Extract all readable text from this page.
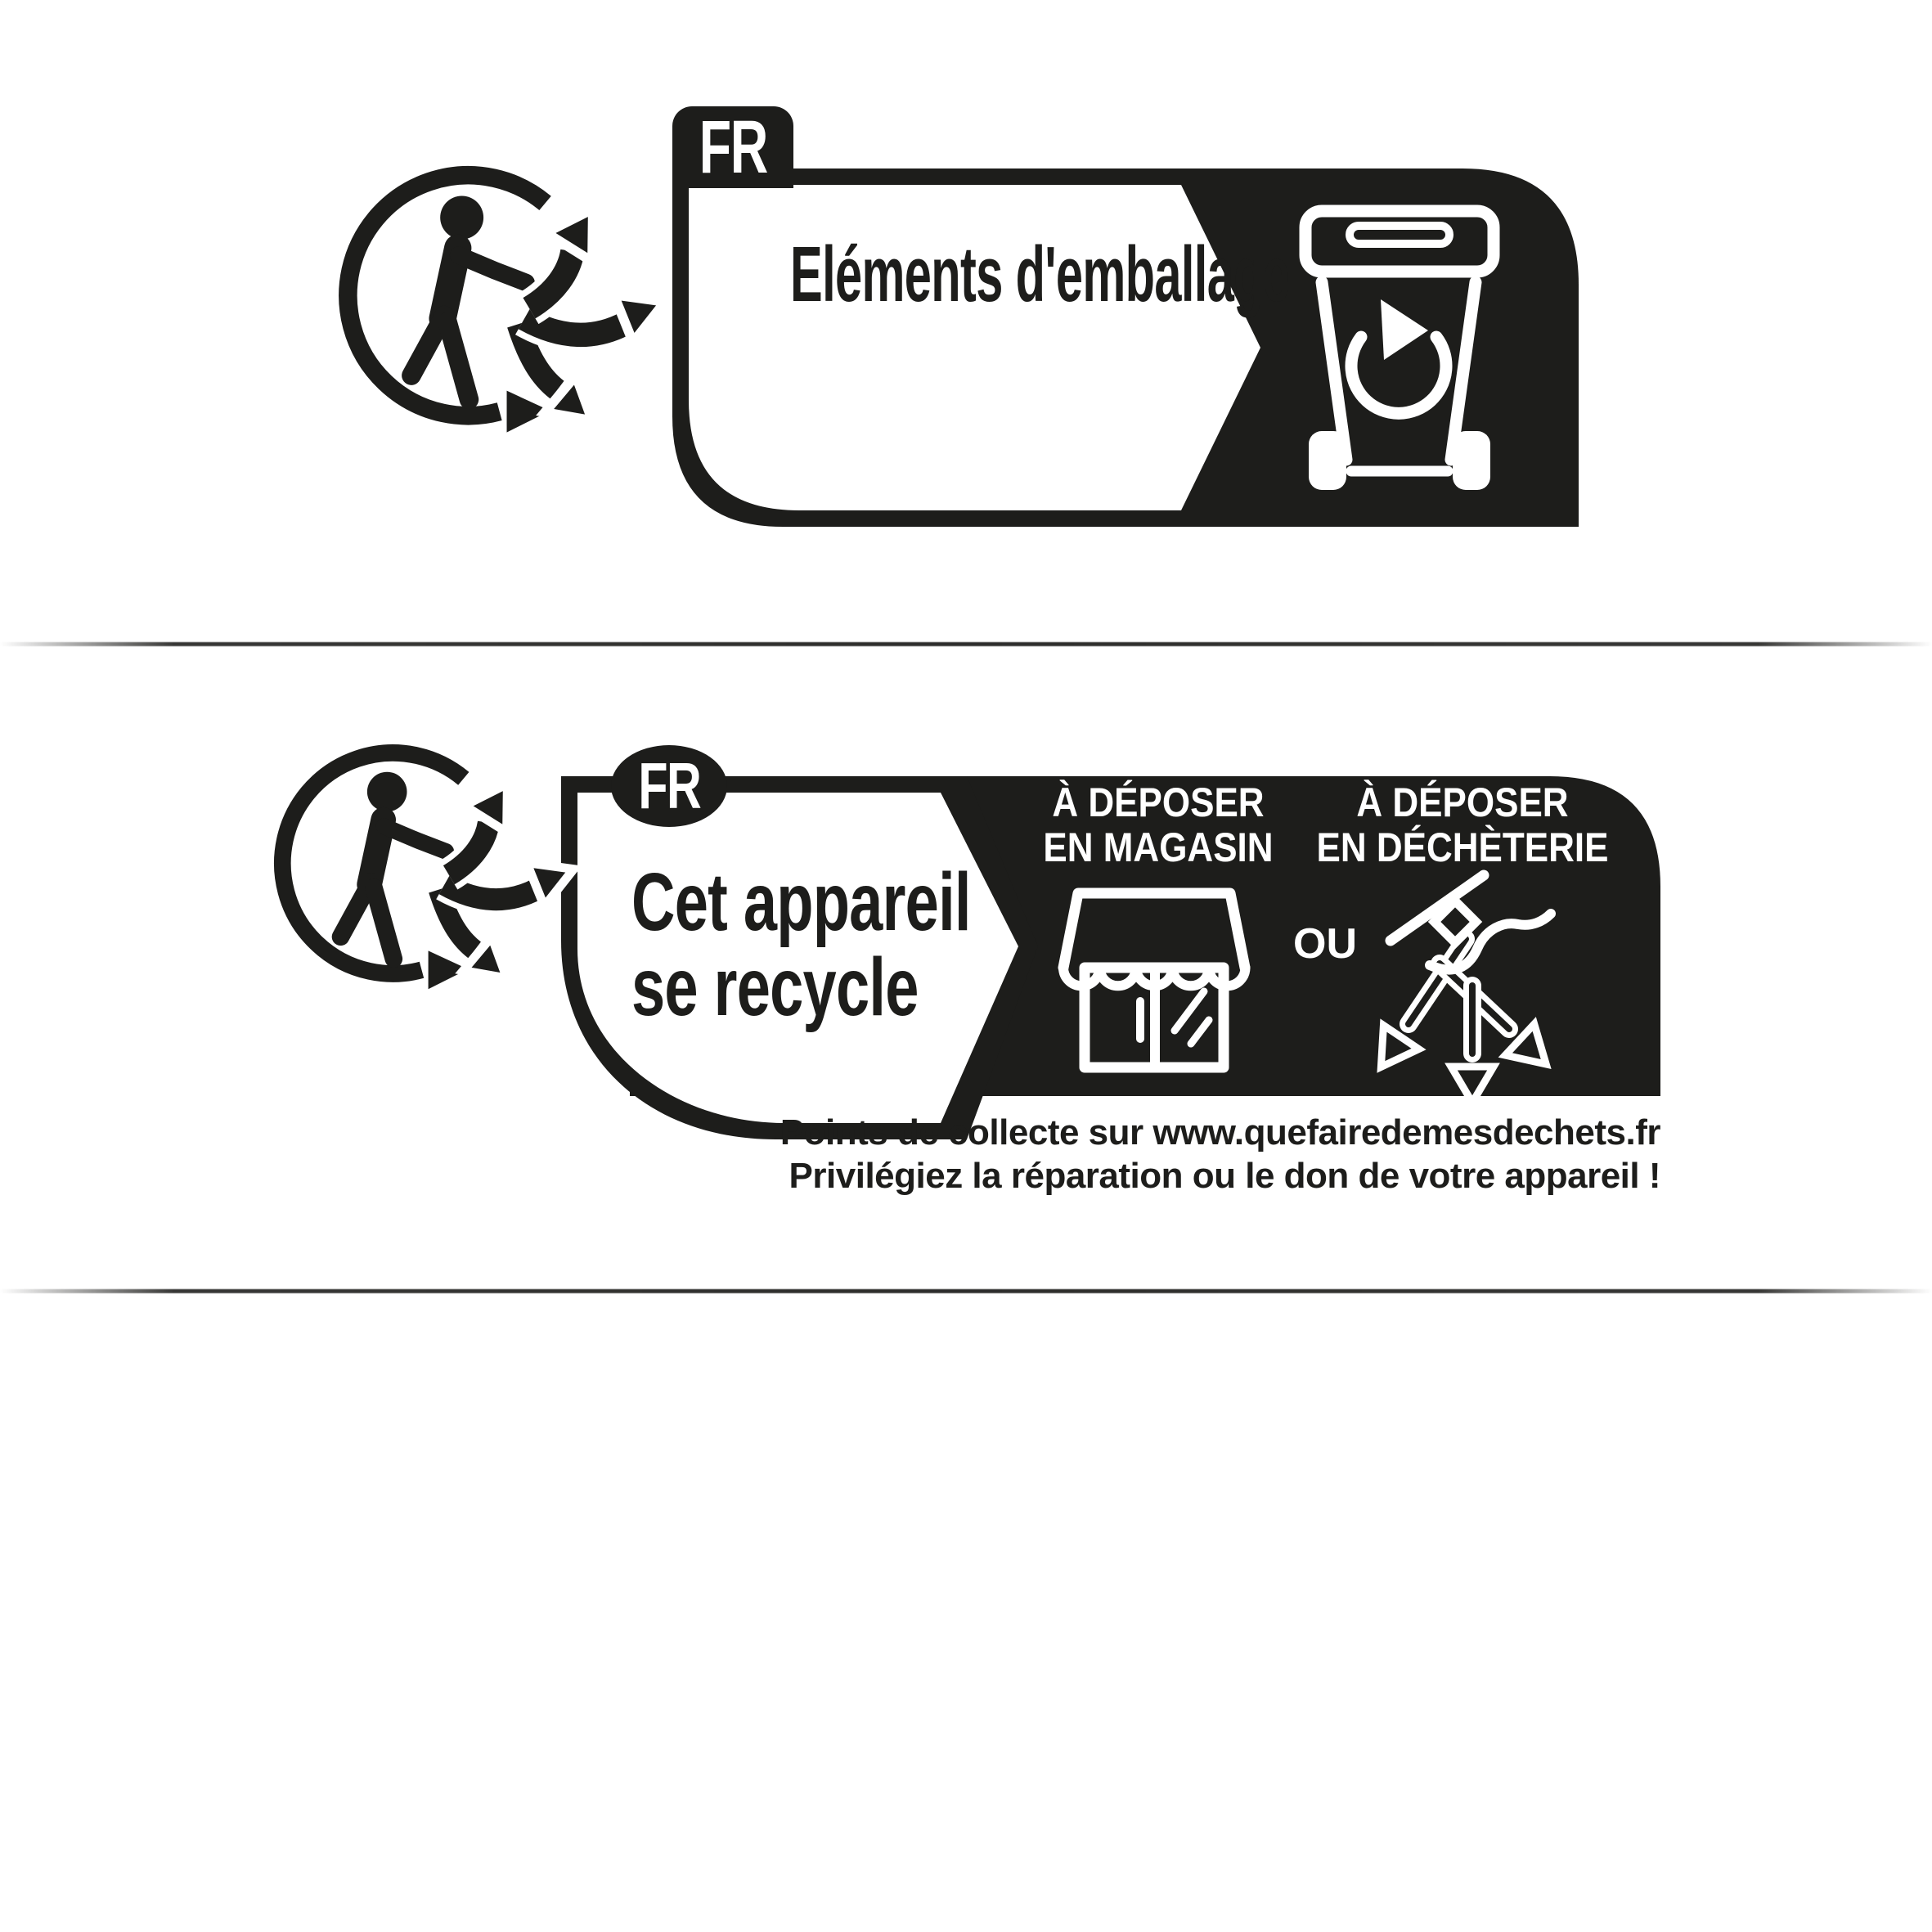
FR
Eléments d'emballage
FR
Cet appareil
se recycle
À DÉPOSER
EN MAGASIN
OU
À DÉPOSER
EN DÉCHÈTERIE
Points de collecte sur www.quefairedemesdechets.fr
Privilégiez la réparation ou le don de votre appareil !
